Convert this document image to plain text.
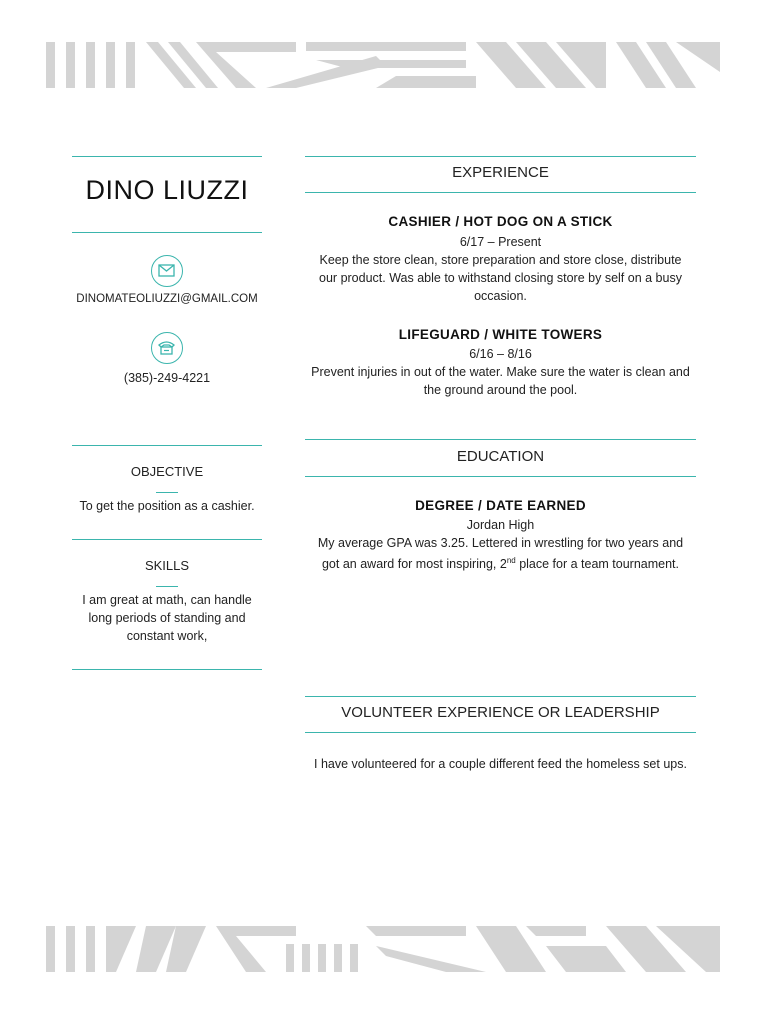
DINO LIUZZI
DINOMATEOLIUZZI@GMAIL.COM
(385)-249-4221
OBJECTIVE
To get the position as a cashier.
SKILLS
I am great at math, can handle
long periods of standing and
constant work,
EXPERIENCE
CASHIER / HOT DOG ON A STICK
6/17 – Present
Keep the store clean, store preparation and store close, distribute
our product. Was able to withstand closing store by self on a busy
occasion.
LIFEGUARD / WHITE TOWERS
6/16 – 8/16
Prevent injuries in out of the water. Make sure the water is clean and
the ground around the pool.
EDUCATION
DEGREE / DATE EARNED
Jordan High
My average GPA was 3.25. Lettered in wrestling for two years and
got an award for most inspiring, 2nd place for a team tournament.
VOLUNTEER EXPERIENCE OR LEADERSHIP
I have volunteered for a couple different feed the homeless set ups.
